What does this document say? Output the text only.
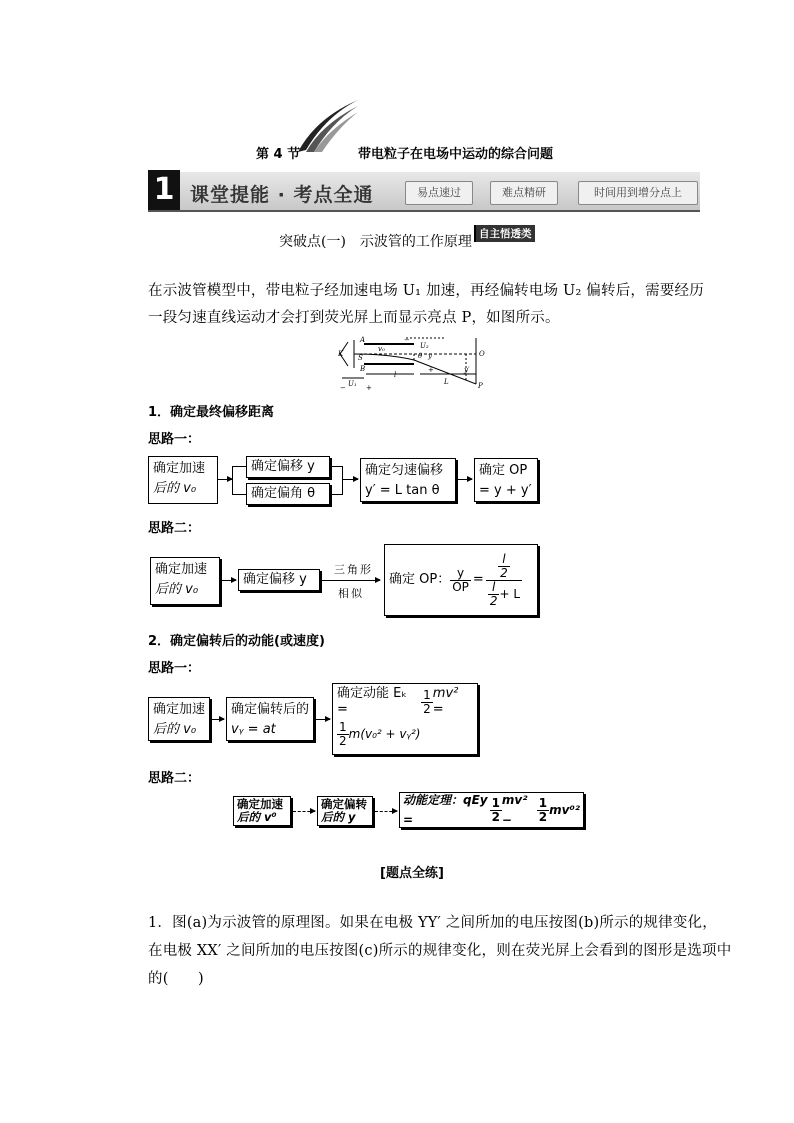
第 4 节	带电粒子在电场中运动的综合问题
1 课堂提能 · 考点全通	易点速过	难点精研	时间用到增分点上
突破点(一)　示波管的工作原理 自主悟透类
在示波管模型中，带电粒子经加速电场 U₁ 加速，再经偏转电场 U₂ 偏转后，需要经历
一段匀速直线运动才会打到荧光屏上而显示亮点 P，如图所示。
A
U₂
K S
v₀
θ y	O
B
l
L
y′
P
U₁
−	+
−
+
1．确定最终偏移距离
思路一：
确定加速
后的 v₀
确定偏移 y
确定偏角 θ
确定匀速偏移
y′ = L tan θ
确定 OP
= y + y′
思路二：
确定加速
后的 v₀
确定偏移 y
三角形
相似
确定 OP： $\frac{y}{OP} = \frac{\frac{l}{2}}{\frac{l}{2} + L}$
2．确定偏转后的动能(或速度)
思路一：
确定加速
后的 v₀
确定偏转后的
vᵧ = at
确定动能 Eₖ =	$\frac{1}{2} mv^2$ =
$\frac{1}{2} m(v_0^2$ + vᵧ²)
思路二：
确定加速
后的 v⁰
确定偏转
后的 y
动能定理：qEy =	$\frac{1}{2} mv^2$ −	$\frac{1}{2} mv^{02}$
[题点全练]
1．图(a)为示波管的原理图。如果在电极 YY′ 之间所加的电压按图(b)所示的规律变化，
在电极 XX′ 之间所加的电压按图(c)所示的规律变化，则在荧光屏上会看到的图形是选项中
的(　　)
